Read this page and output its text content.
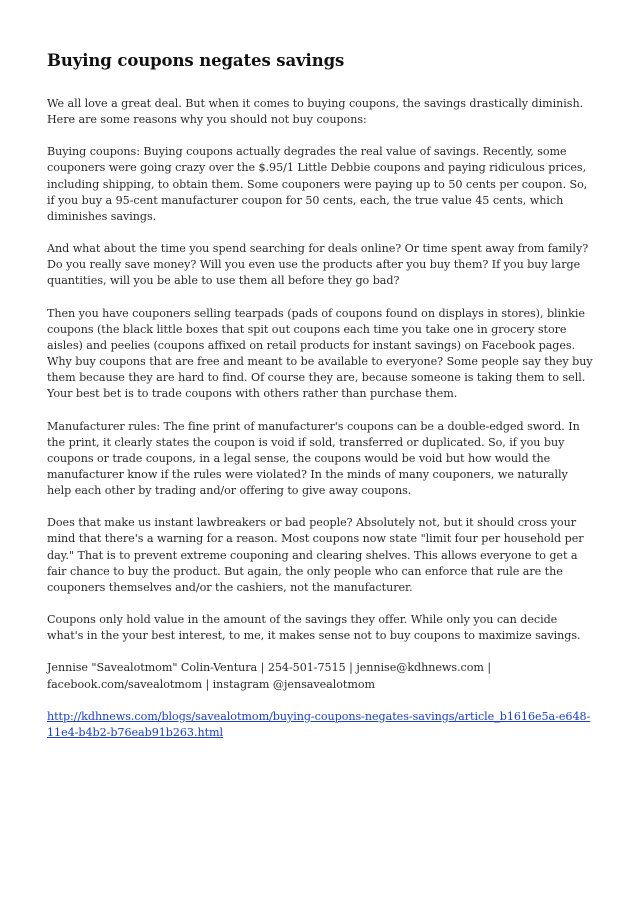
Buying coupons negates savings

We all love a great deal. But when it comes to buying coupons, the savings drastically diminish. Here are some reasons why you should not buy coupons:

Buying coupons: Buying coupons actually degrades the real value of savings. Recently, some couponers were going crazy over the $.95/1 Little Debbie coupons and paying ridiculous prices, including shipping, to obtain them. Some couponers were paying up to 50 cents per coupon. So, if you buy a 95-cent manufacturer coupon for 50 cents, each, the true value 45 cents, which diminishes savings.

And what about the time you spend searching for deals online? Or time spent away from family? Do you really save money? Will you even use the products after you buy them? If you buy large quantities, will you be able to use them all before they go bad?

Then you have couponers selling tearpads (pads of coupons found on displays in stores), blinkie coupons (the black little boxes that spit out coupons each time you take one in grocery store aisles) and peelies (coupons affixed on retail products for instant savings) on Facebook pages. Why buy coupons that are free and meant to be available to everyone? Some people say they buy them because they are hard to find. Of course they are, because someone is taking them to sell. Your best bet is to trade coupons with others rather than purchase them.

Manufacturer rules: The fine print of manufacturer's coupons can be a double-edged sword. In the print, it clearly states the coupon is void if sold, transferred or duplicated. So, if you buy coupons or trade coupons, in a legal sense, the coupons would be void but how would the manufacturer know if the rules were violated? In the minds of many couponers, we naturally help each other by trading and/or offering to give away coupons.

Does that make us instant lawbreakers or bad people? Absolutely not, but it should cross your mind that there's a warning for a reason. Most coupons now state "limit four per household per day." That is to prevent extreme couponing and clearing shelves. This allows everyone to get a fair chance to buy the product. But again, the only people who can enforce that rule are the couponers themselves and/or the cashiers, not the manufacturer.

Coupons only hold value in the amount of the savings they offer. While only you can decide what's in the your best interest, to me, it makes sense not to buy coupons to maximize savings.

Jennise "Savealotmom" Colin-Ventura | 254-501-7515 | jennise@kdhnews.com | facebook.com/savealotmom | instagram @jensavealotmom

http://kdhnews.com/blogs/savealotmom/buying-coupons-negates-savings/article_b1616e5a-e648-11e4-b4b2-b76eab91b263.html
